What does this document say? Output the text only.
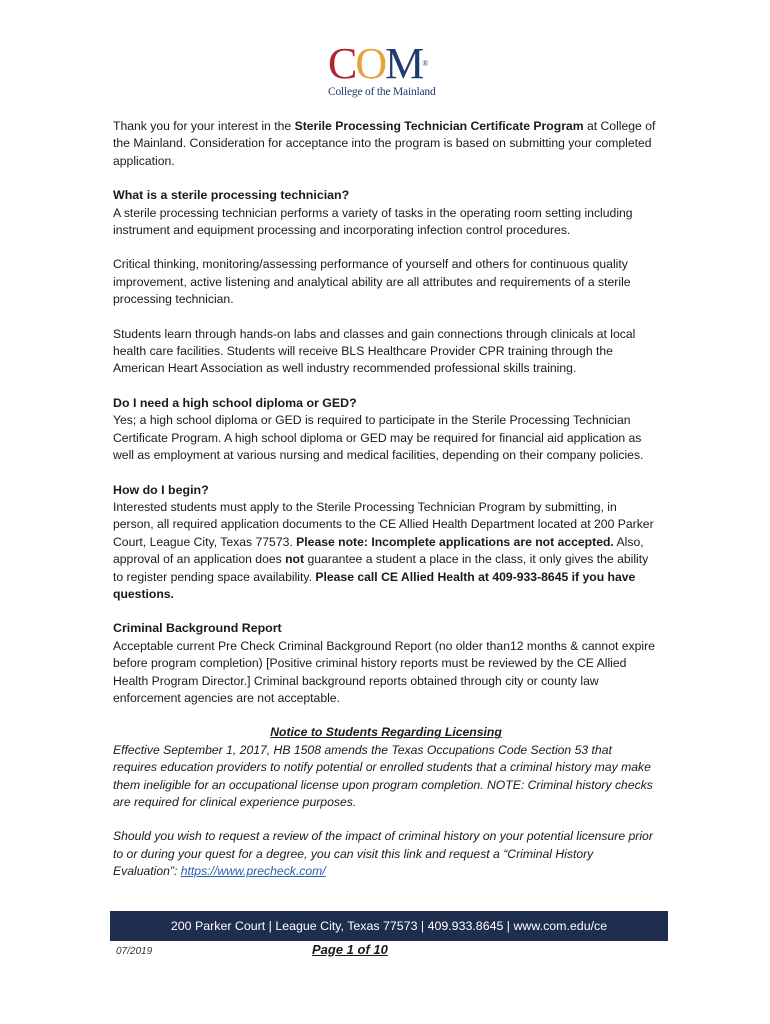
COM®
College of the Mainland

Thank you for your interest in the Sterile Processing Technician Certificate Program at College of the Mainland. Consideration for acceptance into the program is based on submitting your completed application.

What is a sterile processing technician?

A sterile processing technician performs a variety of tasks in the operating room setting including instrument and equipment processing and incorporating infection control procedures.

Critical thinking, monitoring/assessing performance of yourself and others for continuous quality improvement, active listening and analytical ability are all attributes and requirements of a sterile processing technician.

Students learn through hands-on labs and classes and gain connections through clinicals at local health care facilities. Students will receive BLS Healthcare Provider CPR training through the American Heart Association as well industry recommended professional skills training.

Do I need a high school diploma or GED?

Yes; a high school diploma or GED is required to participate in the Sterile Processing Technician Certificate Program. A high school diploma or GED may be required for financial aid application as well as employment at various nursing and medical facilities, depending on their company policies.

How do I begin?

Interested students must apply to the Sterile Processing Technician Program by submitting, in person, all required application documents to the CE Allied Health Department located at 200 Parker Court, League City, Texas 77573. Please note: Incomplete applications are not accepted. Also, approval of an application does not guarantee a student a place in the class, it only gives the ability to register pending space availability. Please call CE Allied Health at 409-933-8645 if you have questions.

Criminal Background Report

Acceptable current Pre Check Criminal Background Report (no older than12 months & cannot expire before program completion) [Positive criminal history reports must be reviewed by the CE Allied Health Program Director.] Criminal background reports obtained through city or county law enforcement agencies are not acceptable.

Notice to Students Regarding Licensing

Effective September 1, 2017, HB 1508 amends the Texas Occupations Code Section 53 that requires education providers to notify potential or enrolled students that a criminal history may make them ineligible for an occupational license upon program completion. NOTE: Criminal history checks are required for clinical experience purposes.

Should you wish to request a review of the impact of criminal history on your potential licensure prior to or during your quest for a degree, you can visit this link and request a “Criminal History Evaluation”: https://www.precheck.com/

200 Parker Court | League City, Texas 77573 | 409.933.8645 | www.com.edu/ce
07/2019	Page 1 of 10
